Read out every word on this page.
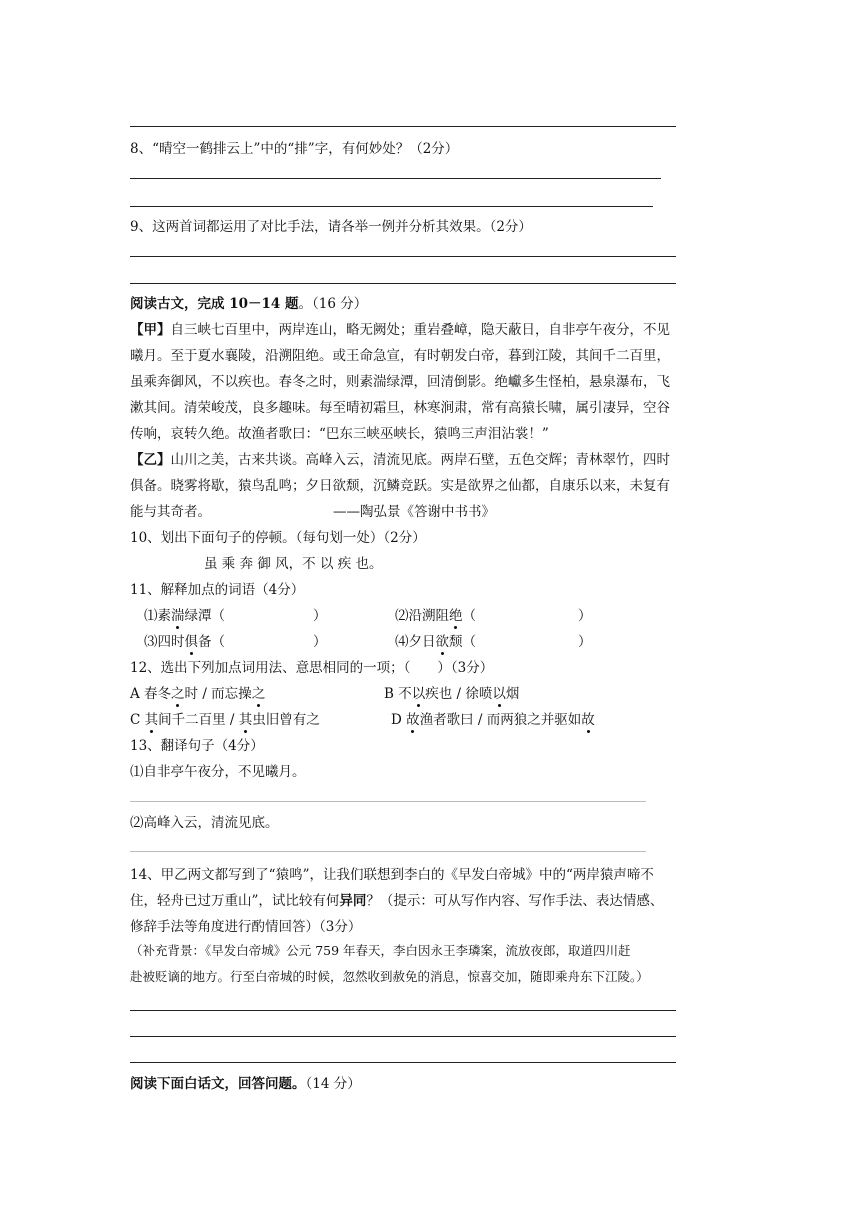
8、“晴空一鹤排云上”中的“排”字，有何妙处？（2分）
9、这两首词都运用了对比手法，请各举一例并分析其效果。（2分）
阅读古文，完成 10－14 题。（16 分）
【甲】自三峡七百里中，两岸连山，略无阙处；重岩叠嶂，隐天蔽日，自非亭午夜分，不见
曦月。至于夏水襄陵，沿溯阻绝。或王命急宣，有时朝发白帝，暮到江陵，其间千二百里，
虽乘奔御风，不以疾也。春冬之时，则素湍绿潭，回清倒影。绝巘多生怪柏，悬泉瀑布，飞
漱其间。清荣峻茂，良多趣味。每至晴初霜旦，林寒涧肃，常有高猿长啸，属引凄异，空谷
传响，哀转久绝。故渔者歌曰：“巴东三峡巫峡长，猿鸣三声泪沾裳！”
【乙】山川之美，古来共谈。高峰入云，清流见底。两岸石壁，五色交辉；青林翠竹，四时
俱备。晓雾将歇，猿鸟乱鸣；夕日欲颓，沉鳞竞跃。实是欲界之仙都，自康乐以来，未复有
能与其奇者。	——陶弘景《答谢中书书》
10、划出下面句子的停顿。（每句划一处）（2分）
虽 乘 奔 御 风，不 以 疾 也。
11、解释加点的词语（4分）
⑴素湍绿潭（	）	⑵沿溯阻绝（	）
⑶四时俱备（	）	⑷夕日欲颓（	）
12、选出下列加点词用法、意思相同的一项；（　　）（3分）
A 春冬之时 / 而忘操之	B 不以疾也 / 徐喷以烟
C 其间千二百里 / 其虫旧曾有之	D 故渔者歌曰 / 而两狼之并驱如故
13、翻译句子（4分）
⑴自非亭午夜分，不见曦月。
⑵高峰入云，清流见底。
14、甲乙两文都写到了“猿鸣”，让我们联想到李白的《早发白帝城》中的“两岸猿声啼不
住，轻舟已过万重山”，试比较有何异同？（提示：可从写作内容、写作手法、表达情感、
修辞手法等角度进行酌情回答）（3分）
（补充背景：《早发白帝城》公元 759 年春天，李白因永王李璘案，流放夜郎，取道四川赶
赴被贬谪的地方。行至白帝城的时候，忽然收到赦免的消息，惊喜交加，随即乘舟东下江陵。）
阅读下面白话文，回答问题。（14 分）
